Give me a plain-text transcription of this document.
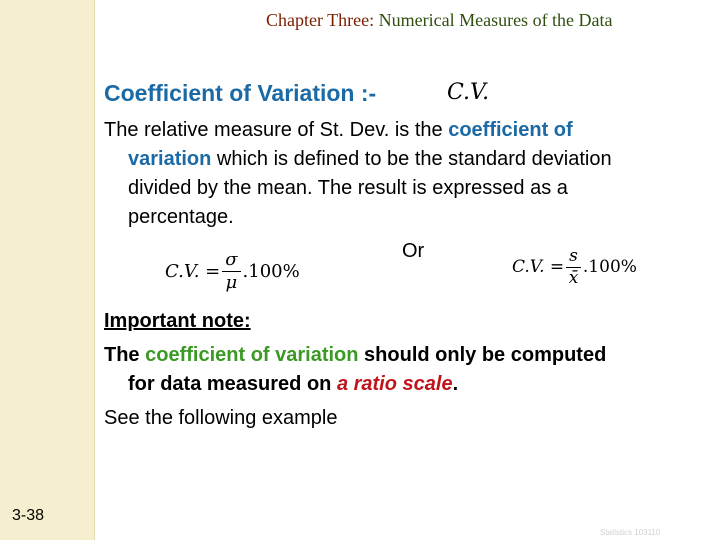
Chapter Three: Numerical Measures of the Data
Coefficient of Variation :-	C.V.
The relative measure of St. Dev. is the coefficient of
variation which is defined to be the standard deviation
divided by the mean. The result is expressed as a
percentage.
Or
C.V. = $\frac{\sigma}{\mu} .100\%$	C.V. = $\frac{s}{x̄} .100\%$
Important note:
The coefficient of variation should only be computed
for data measured on a ratio scale.
See the following example
3-38
Statistics 103110
